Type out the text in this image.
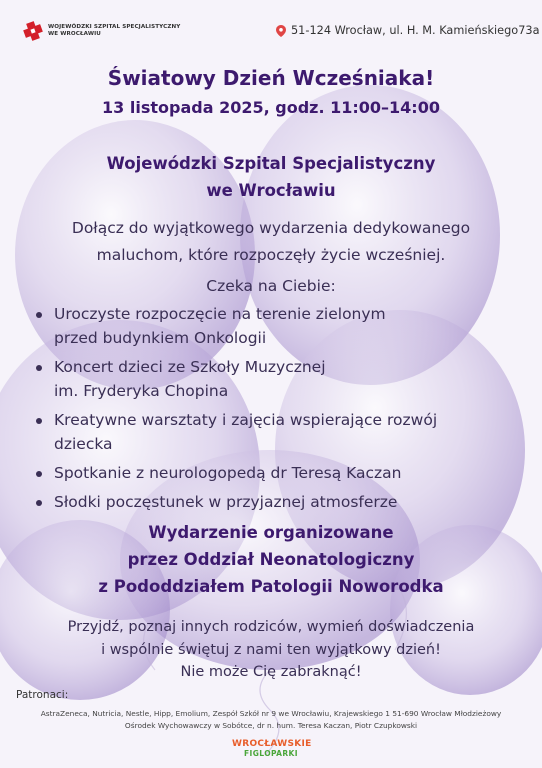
WOJEWÓDZKI SZPITAL SPECJALISTYCZNY
WE WROCŁAWIU	51-124 Wrocław, ul. H. M. Kamieńskiego73a
Światowy Dzień Wcześniaka!
13 listopada 2025, godz. 11:00–14:00
Wojewódzki Szpital Specjalistyczny
we Wrocławiu
Dołącz do wyjątkowego wydarzenia dedykowanego
maluchom, które rozpoczęły życie wcześniej.
Czeka na Ciebie:
Uroczyste rozpoczęcie na terenie zielonym
przed budynkiem Onkologii
Koncert dzieci ze Szkoły Muzycznej
im. Fryderyka Chopina
Kreatywne warsztaty i zajęcia wspierające rozwój
dziecka
Spotkanie z neurologopedą dr Teresą Kaczan
Słodki poczęstunek w przyjaznej atmosferze
Wydarzenie organizowane
przez Oddział Neonatologiczny
z Pododdziałem Patologii Noworodka
Przyjdź, poznaj innych rodziców, wymień doświadczenia
i wspólnie świętuj z nami ten wyjątkowy dzień!
Nie może Cię zabraknąć!
Patronaci:
AstraZeneca, Nutricia, Nestle, Hipp, Emolium, Zespół Szkół nr 9 we Wrocławiu, Krajewskiego 1 51-690 Wrocław Młodzieżowy
Ośrodek Wychowawczy w Sobótce, dr n. hum. Teresa Kaczan, Piotr Czupkowski
WROCŁAWSKIE
FIGLOPARKI
